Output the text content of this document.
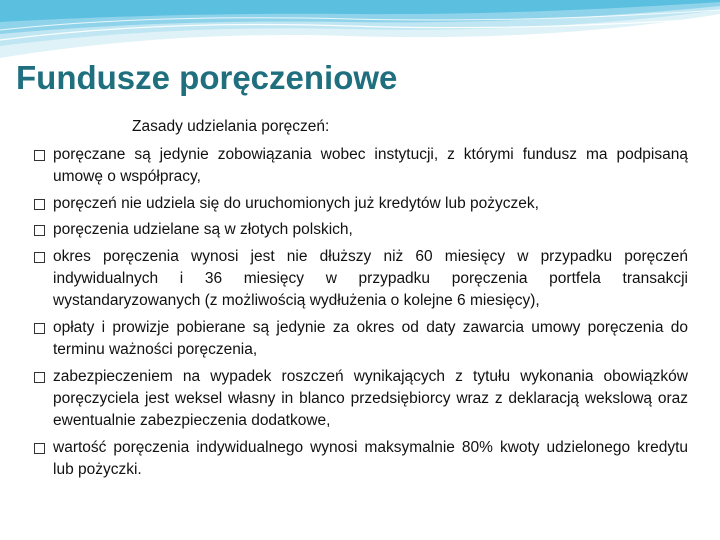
Fundusze poręczeniowe
Zasady udzielania poręczeń:
poręczane są jedynie zobowiązania wobec instytucji, z którymi fundusz ma podpisaną umowę o współpracy,
poręczeń nie udziela się do uruchomionych już kredytów lub pożyczek,
poręczenia udzielane są w złotych polskich,
okres poręczenia wynosi jest nie dłuższy niż 60 miesięcy w przypadku poręczeń indywidualnych i 36 miesięcy w przypadku poręczenia portfela transakcji wystandaryzowanych (z możliwością wydłużenia o kolejne 6 miesięcy),
opłaty i prowizje pobierane są jedynie za okres od daty zawarcia umowy poręczenia do terminu ważności poręczenia,
zabezpieczeniem na wypadek roszczeń wynikających z tytułu wykonania obowiązków poręczyciela jest weksel własny in blanco przedsiębiorcy wraz z deklaracją wekslową oraz ewentualnie zabezpieczenia dodatkowe,
wartość poręczenia indywidualnego wynosi maksymalnie 80% kwoty udzielonego kredytu lub pożyczki.
